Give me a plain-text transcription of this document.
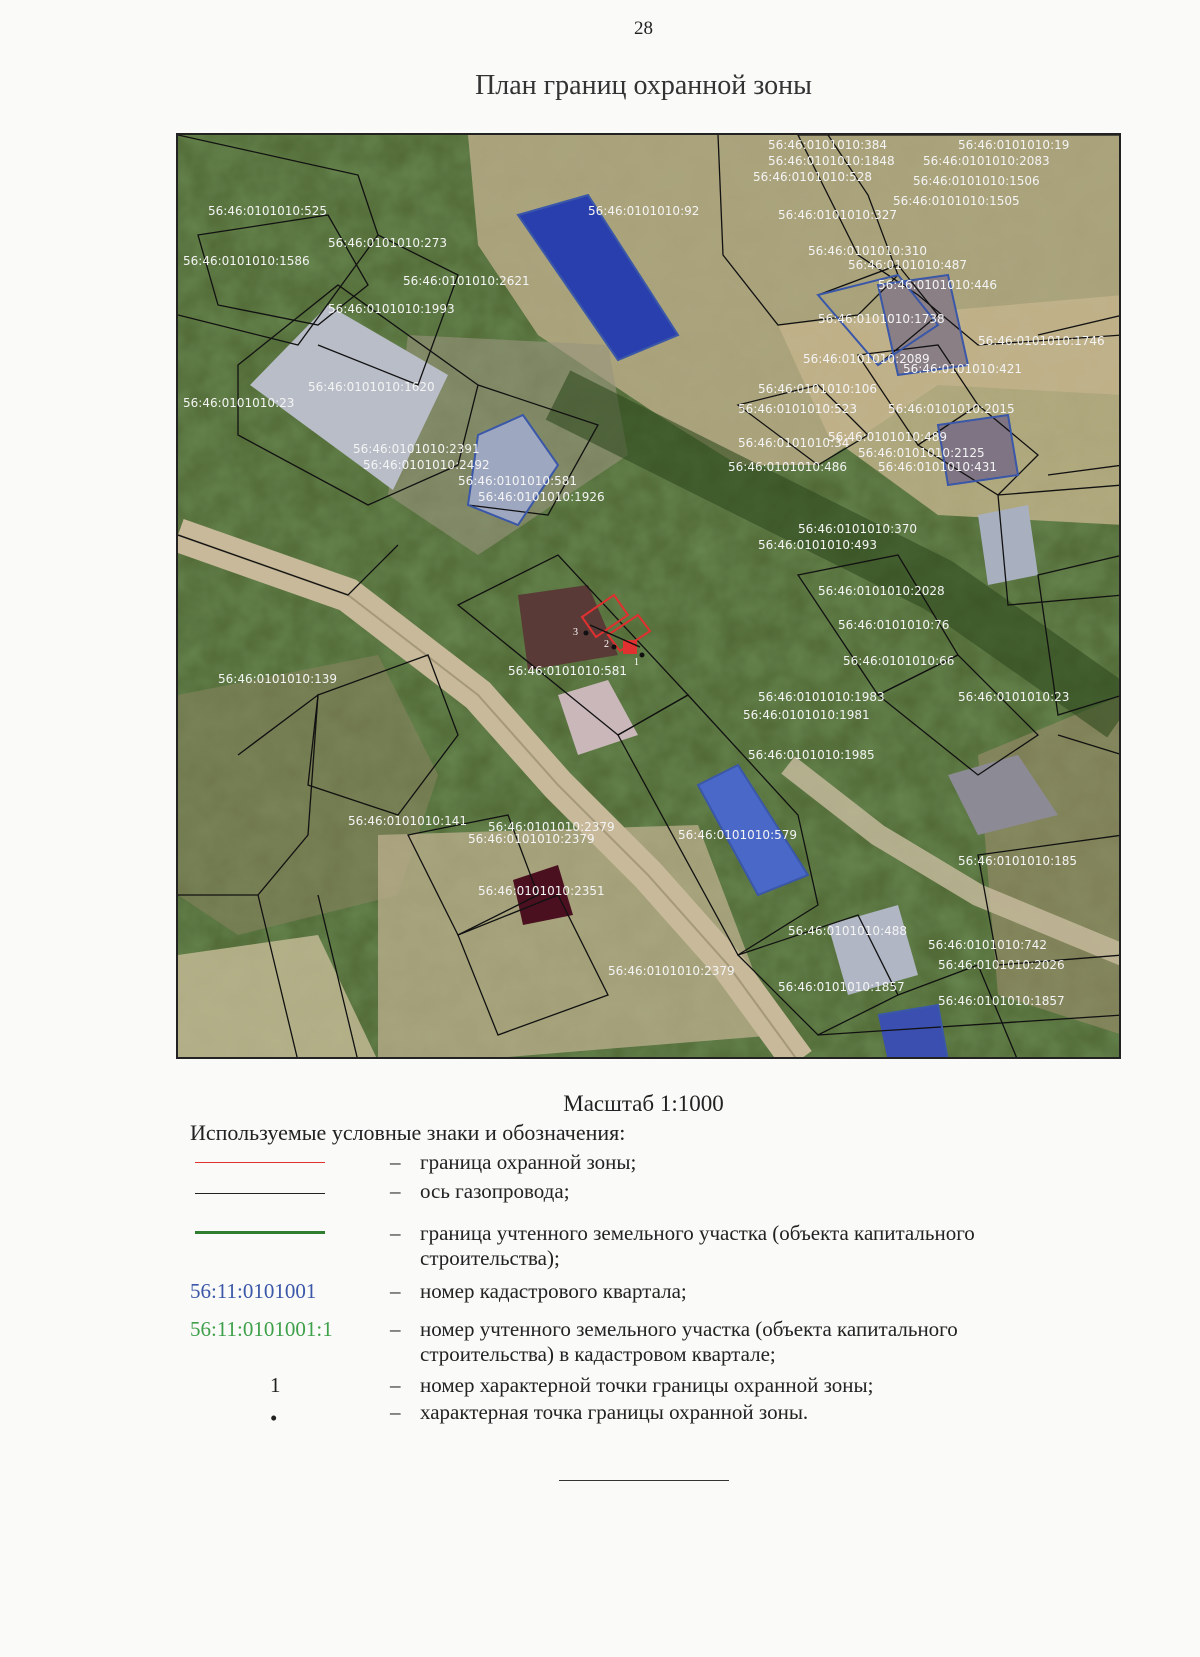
28
План границ охранной зоны
3
2
1
56:46:0101010:384
56:46:0101010:1848
56:46:0101010:528
56:46:0101010:19
56:46:0101010:2083
56:46:0101010:1506
56:46:0101010:1505
56:46:0101010:92	56:46:0101010:327
56:46:0101010:525
56:46:0101010:273
56:46:0101010:1586
56:46:0101010:2621
56:46:0101010:1993
56:46:0101010:310
56:46:0101010:487
56:46:0101010:446
56:46:0101010:1738
56:46:0101010:1746
56:46:0101010:2089
56:46:0101010:421
56:46:0101010:1620
56:46:0101010:23
56:46:0101010:106
56:46:0101010:523	56:46:0101010:2015
56:46:0101010:2391
56:46:0101010:2492
56:46:0101010:581
56:46:0101010:34
56:46:0101010:489
56:46:0101010:2125
56:46:0101010:1926
56:46:0101010:486	56:46:0101010:431
56:46:0101010:370
56:46:0101010:493
56:46:0101010:2028
56:46:0101010:76
56:46:0101010:66
56:46:0101010:139
56:46:0101010:581
56:46:0101010:1983
56:46:0101010:1981
56:46:0101010:23
56:46:0101010:1985
56:46:0101010:141 56:46:0101010:2379
56:46:0101010:2379	56:46:0101010:579
56:46:0101010:2351
56:46:0101010:185
56:46:0101010:488
56:46:0101010:742
56:46:0101010:2026
56:46:0101010:2379
56:46:0101010:1857
56:46:0101010:1857
Масштаб 1:1000
Используемые условные знаки и обозначения:
– граница охранной зоны;
– ось газопровода;
– граница учтенного земельного участка (объекта капитального строительства);
56:11:0101001	– номер кадастрового квартала;
56:11:0101001:1	– номер учтенного земельного участка (объекта капитального строительства) в кадастровом квартале;
1	– номер характерной точки границы охранной зоны;
•	– характерная точка границы охранной зоны.
